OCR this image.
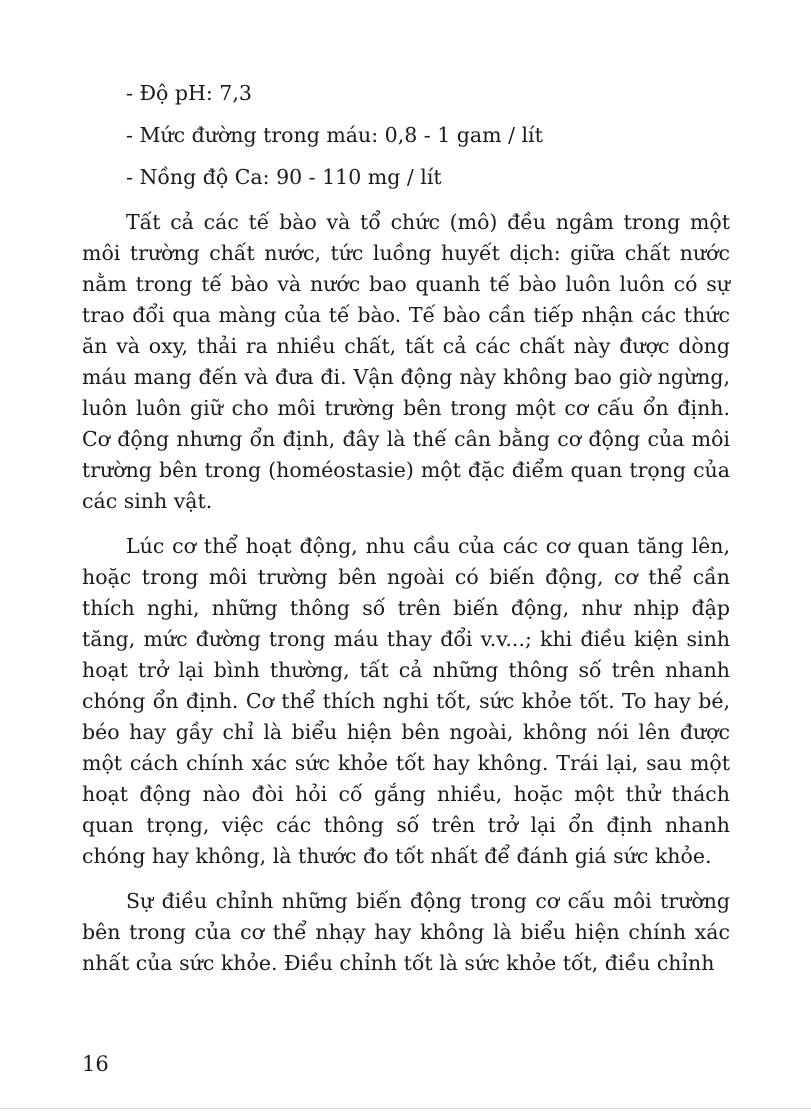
- Độ pH: 7,3

- Mức đường trong máu: 0,8 - 1 gam / lít

- Nồng độ Ca: 90 - 110 mg / lít

Tất cả các tế bào và tổ chức (mô) đều ngâm trong một môi trường chất nước, tức luồng huyết dịch: giữa chất nước nằm trong tế bào và nước bao quanh tế bào luôn luôn có sự trao đổi qua màng của tế bào. Tế bào cần tiếp nhận các thức ăn và oxy, thải ra nhiều chất, tất cả các chất này được dòng máu mang đến và đưa đi. Vận động này không bao giờ ngừng, luôn luôn giữ cho môi trường bên trong một cơ cấu ổn định. Cơ động nhưng ổn định, đây là thế cân bằng cơ động của môi trường bên trong (homéostasie) một đặc điểm quan trọng của các sinh vật.

Lúc cơ thể hoạt động, nhu cầu của các cơ quan tăng lên, hoặc trong môi trường bên ngoài có biến động, cơ thể cần thích nghi, những thông số trên biến động, như nhịp đập tăng, mức đường trong máu thay đổi v.v...; khi điều kiện sinh hoạt trở lại bình thường, tất cả những thông số trên nhanh chóng ổn định. Cơ thể thích nghi tốt, sức khỏe tốt. To hay bé, béo hay gầy chỉ là biểu hiện bên ngoài, không nói lên được một cách chính xác sức khỏe tốt hay không. Trái lại, sau một hoạt động nào đòi hỏi cố gắng nhiều, hoặc một thử thách quan trọng, việc các thông số trên trở lại ổn định nhanh chóng hay không, là thước đo tốt nhất để đánh giá sức khỏe.

Sự điều chỉnh những biến động trong cơ cấu môi trường bên trong của cơ thể nhạy hay không là biểu hiện chính xác nhất của sức khỏe. Điều chỉnh tốt là sức khỏe tốt, điều chỉnh

16
